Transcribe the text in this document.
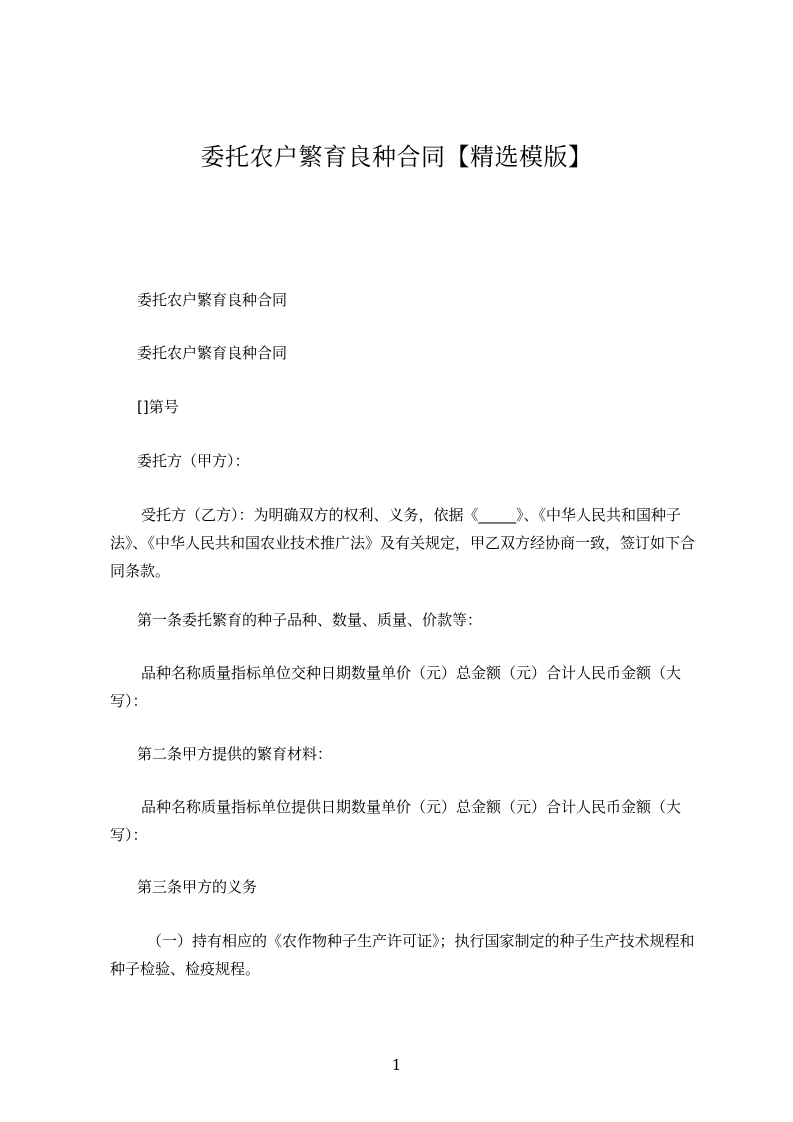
委托农户繁育良种合同【精选模版】

委托农户繁育良种合同

委托农户繁育良种合同

[]第号

委托方（甲方）：

受托方（乙方）：为明确双方的权利、义务，依据《_____》、《中华人民共和国种子法》、《中华人民共和国农业技术推广法》及有关规定，甲乙双方经协商一致，签订如下合同条款。

第一条委托繁育的种子品种、数量、质量、价款等：

品种名称质量指标单位交种日期数量单价（元）总金额（元）合计人民币金额（大写）：

第二条甲方提供的繁育材料：

品种名称质量指标单位提供日期数量单价（元）总金额（元）合计人民币金额（大写）：

第三条甲方的义务

（一）持有相应的《农作物种子生产许可证》；执行国家制定的种子生产技术规程和种子检验、检疫规程。

1
